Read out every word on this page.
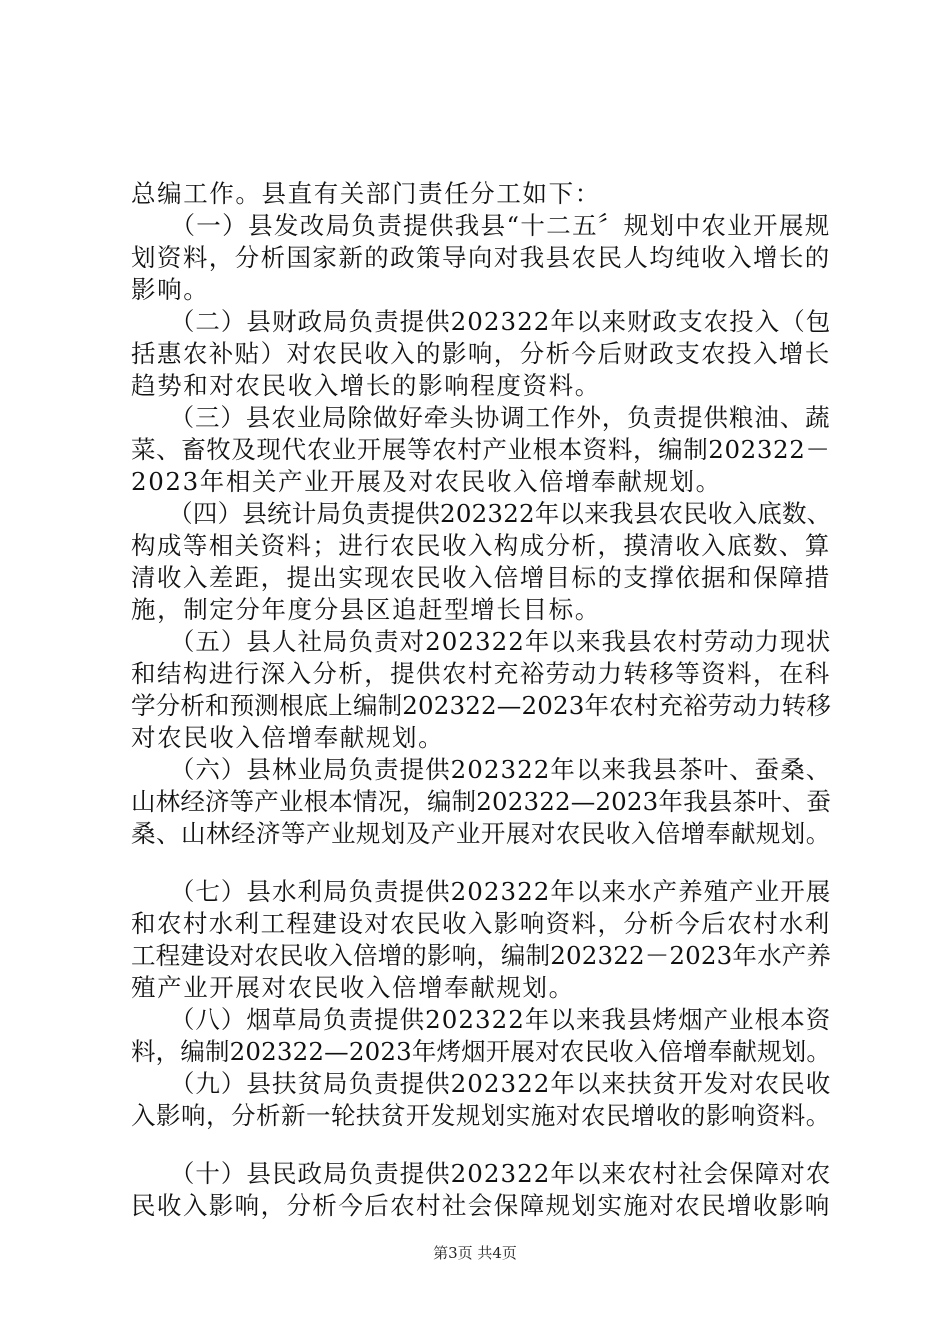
总编工作。县直有关部门责任分工如下：
　　（一）县发改局负责提供我县“十二五〞规划中农业开展规
划资料，分析国家新的政策导向对我县农民人均纯收入增长的
影响。
　　（二）县财政局负责提供202322年以来财政支农投入（包
括惠农补贴）对农民收入的影响，分析今后财政支农投入增长
趋势和对农民收入增长的影响程度资料。
　　（三）县农业局除做好牵头协调工作外，负责提供粮油、蔬
菜、畜牧及现代农业开展等农村产业根本资料，编制202322－
2023年相关产业开展及对农民收入倍增奉献规划。
　　（四）县统计局负责提供202322年以来我县农民收入底数、
构成等相关资料；进行农民收入构成分析，摸清收入底数、算
清收入差距，提出实现农民收入倍增目标的支撑依据和保障措
施，制定分年度分县区追赶型增长目标。
　　（五）县人社局负责对202322年以来我县农村劳动力现状
和结构进行深入分析，提供农村充裕劳动力转移等资料，在科
学分析和预测根底上编制202322—2023年农村充裕劳动力转移
对农民收入倍增奉献规划。
　　（六）县林业局负责提供202322年以来我县茶叶、蚕桑、
山林经济等产业根本情况，编制202322—2023年我县茶叶、蚕
桑、山林经济等产业规划及产业开展对农民收入倍增奉献规划。
　　（七）县水利局负责提供202322年以来水产养殖产业开展
和农村水利工程建设对农民收入影响资料，分析今后农村水利
工程建设对农民收入倍增的影响，编制202322－2023年水产养
殖产业开展对农民收入倍增奉献规划。
　　（八）烟草局负责提供202322年以来我县烤烟产业根本资
料，编制202322—2023年烤烟开展对农民收入倍增奉献规划。
　　（九）县扶贫局负责提供202322年以来扶贫开发对农民收
入影响，分析新一轮扶贫开发规划实施对农民增收的影响资料。
　　（十）县民政局负责提供202322年以来农村社会保障对农
民收入影响，分析今后农村社会保障规划实施对农民增收影响
第3页 共4页
